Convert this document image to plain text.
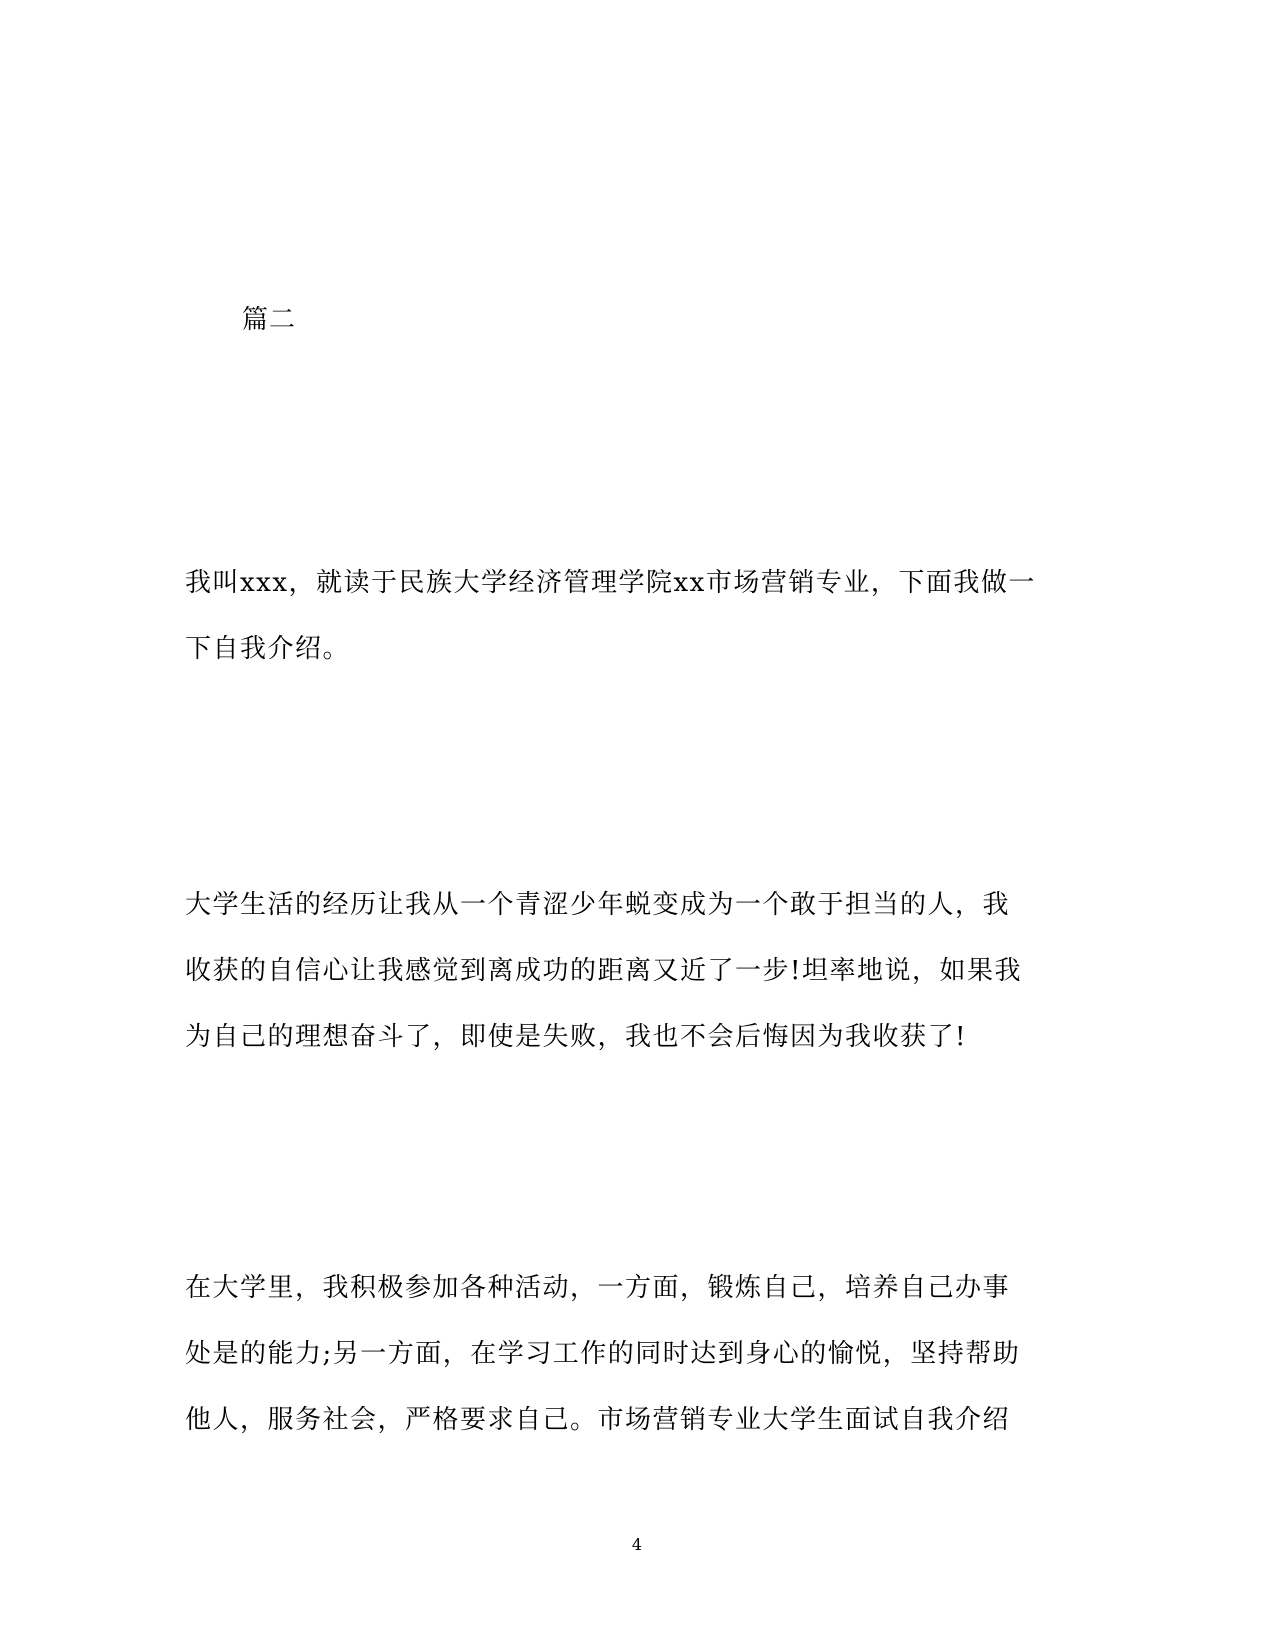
篇二
我叫xxx，就读于民族大学经济管理学院xx市场营销专业，下面我做一
下自我介绍。
大学生活的经历让我从一个青涩少年蜕变成为一个敢于担当的人，我
收获的自信心让我感觉到离成功的距离又近了一步!坦率地说，如果我
为自己的理想奋斗了，即使是失败，我也不会后悔因为我收获了!
在大学里，我积极参加各种活动，一方面，锻炼自己，培养自己办事
处是的能力;另一方面，在学习工作的同时达到身心的愉悦，坚持帮助
他人，服务社会，严格要求自己。市场营销专业大学生面试自我介绍
4
